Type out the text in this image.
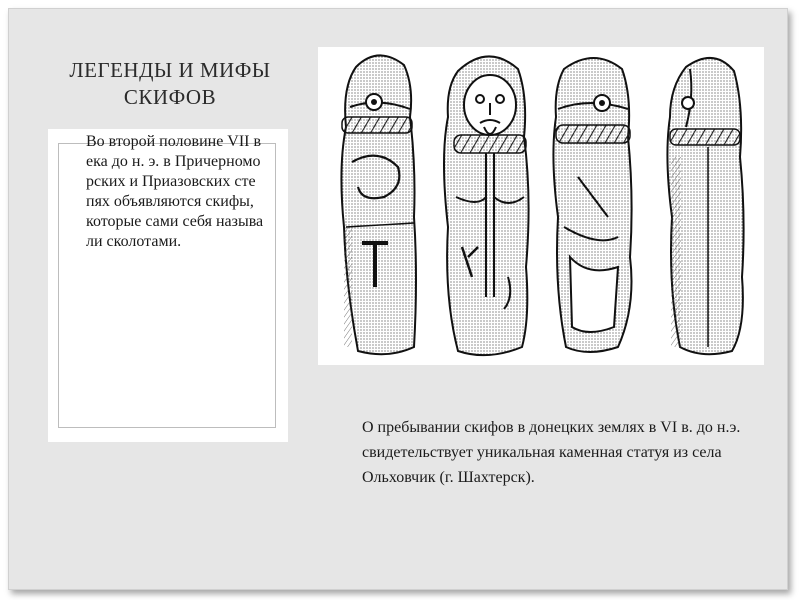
ЛЕГЕНДЫ И МИФЫ
СКИФОВ

Во второй половине VII века до н. э. в Причерноморских и Приазовских степях объявляются скифы, которые сами себя называли сколотами.

О пребывании скифов в донецких землях в VI в. до н.э. свидетельствует уникальная каменная статуя из села Ольховчик (г. Шахтерск).
